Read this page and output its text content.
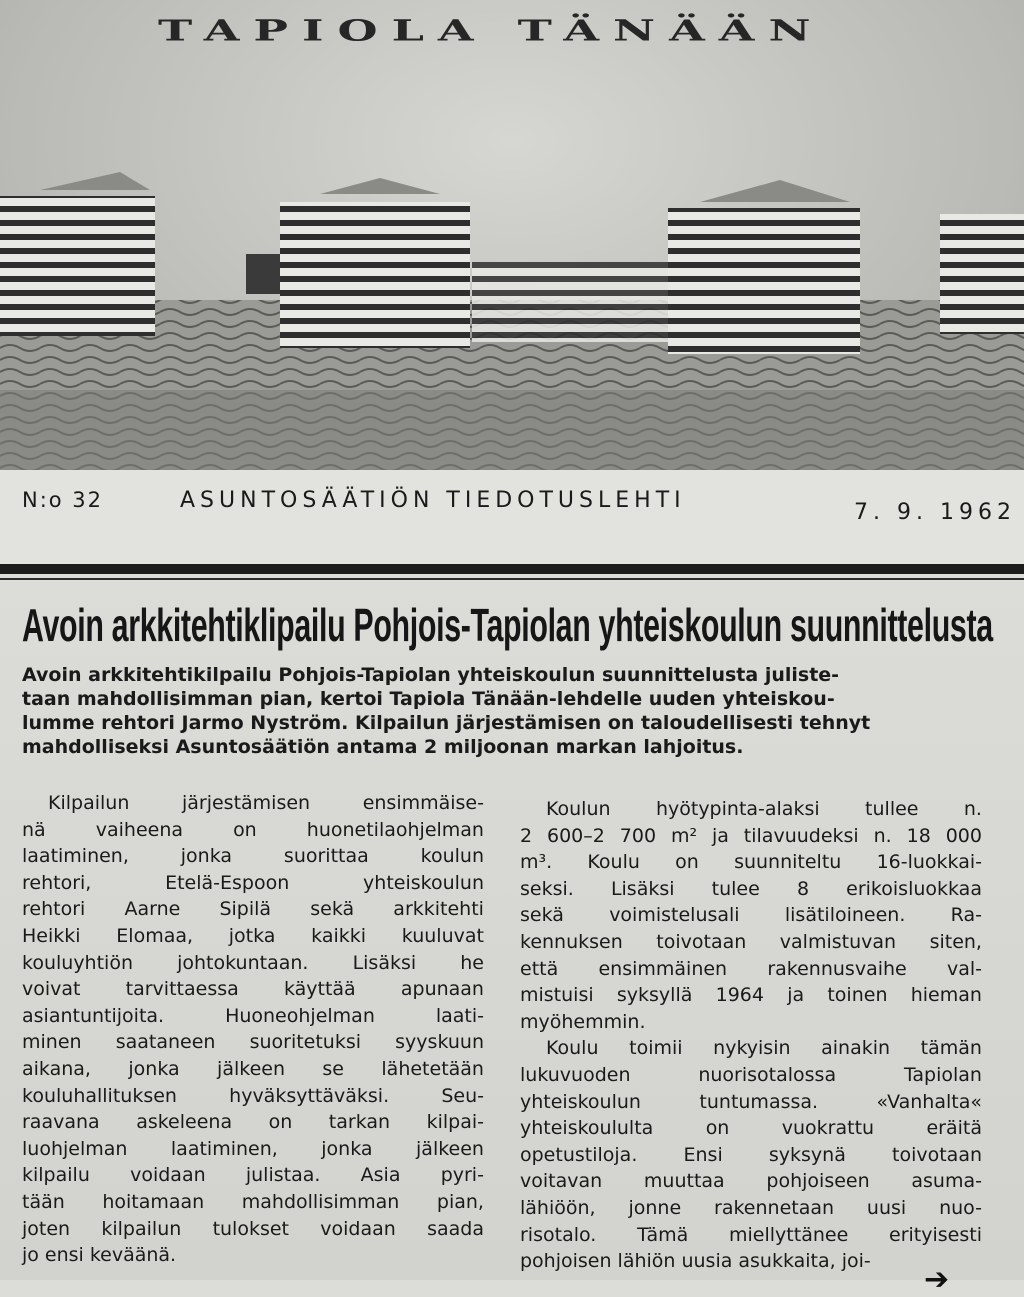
TAPIOLA TÄNÄÄN
N:o 32	ASUNTOSÄÄTIÖN TIEDOTUSLEHTI	7. 9. 1962
Avoin arkkitehtiklipailu Pohjois-Tapiolan yhteiskoulun suunnittelusta
Avoin arkkitehtikilpailu Pohjois-Tapiolan yhteiskoulun suunnittelusta juliste-
taan mahdollisimman pian, kertoi Tapiola Tänään-lehdelle uuden yhteiskou-
lumme rehtori Jarmo Nyström. Kilpailun järjestämisen on taloudellisesti tehnyt
mahdolliseksi Asuntosäätiön antama 2 miljoonan markan lahjoitus.
Kilpailun	järjestämisen	ensimmäise-
nä	vaiheena	on	huonetilaohjelman
laatiminen,	jonka	suorittaa	koulun
rehtori,	Etelä-Espoon	yhteiskoulun
rehtori Aarne Sipilä sekä arkkitehti
Heikki Elomaa, jotka kaikki kuuluvat
kouluyhtiön johtokuntaan. Lisäksi he
voivat tarvittaessa käyttää apunaan
asiantuntijoita.	Huoneohjelman	laati-
minen saataneen suoritetuksi syyskuun
aikana, jonka jälkeen se lähetetään
kouluhallituksen	hyväksyttäväksi.	Seu-
raavana askeleena on tarkan kilpai-
luohjelman laatiminen, jonka jälkeen
kilpailu voidaan julistaa. Asia pyri-
tään hoitamaan mahdollisimman pian,
joten kilpailun tulokset voidaan saada
jo ensi keväänä.
Koulun hyötypinta-alaksi tullee n.
2 600–2 700 m² ja tilavuudeksi n. 18 000
m³. Koulu on suunniteltu 16-luokkai-
seksi. Lisäksi tulee 8 erikoisluokkaa
sekä voimistelusali lisätiloineen. Ra-
kennuksen toivotaan valmistuvan siten,
että ensimmäinen rakennusvaihe val-
mistuisi syksyllä 1964 ja toinen hieman
myöhemmin.
Koulu toimii nykyisin ainakin tämän
lukuvuoden	nuorisotalossa	Tapiolan
yhteiskoulun	tuntumassa.	«Vanhalta«
yhteiskoululta	on	vuokrattu	eräitä
opetustiloja. Ensi syksynä toivotaan
voitavan muuttaa pohjoiseen asuma-
lähiöön, jonne rakennetaan uusi nuo-
risotalo. Tämä miellyttänee erityisesti
pohjoisen lähiön uusia asukkaita, joi-
➔
